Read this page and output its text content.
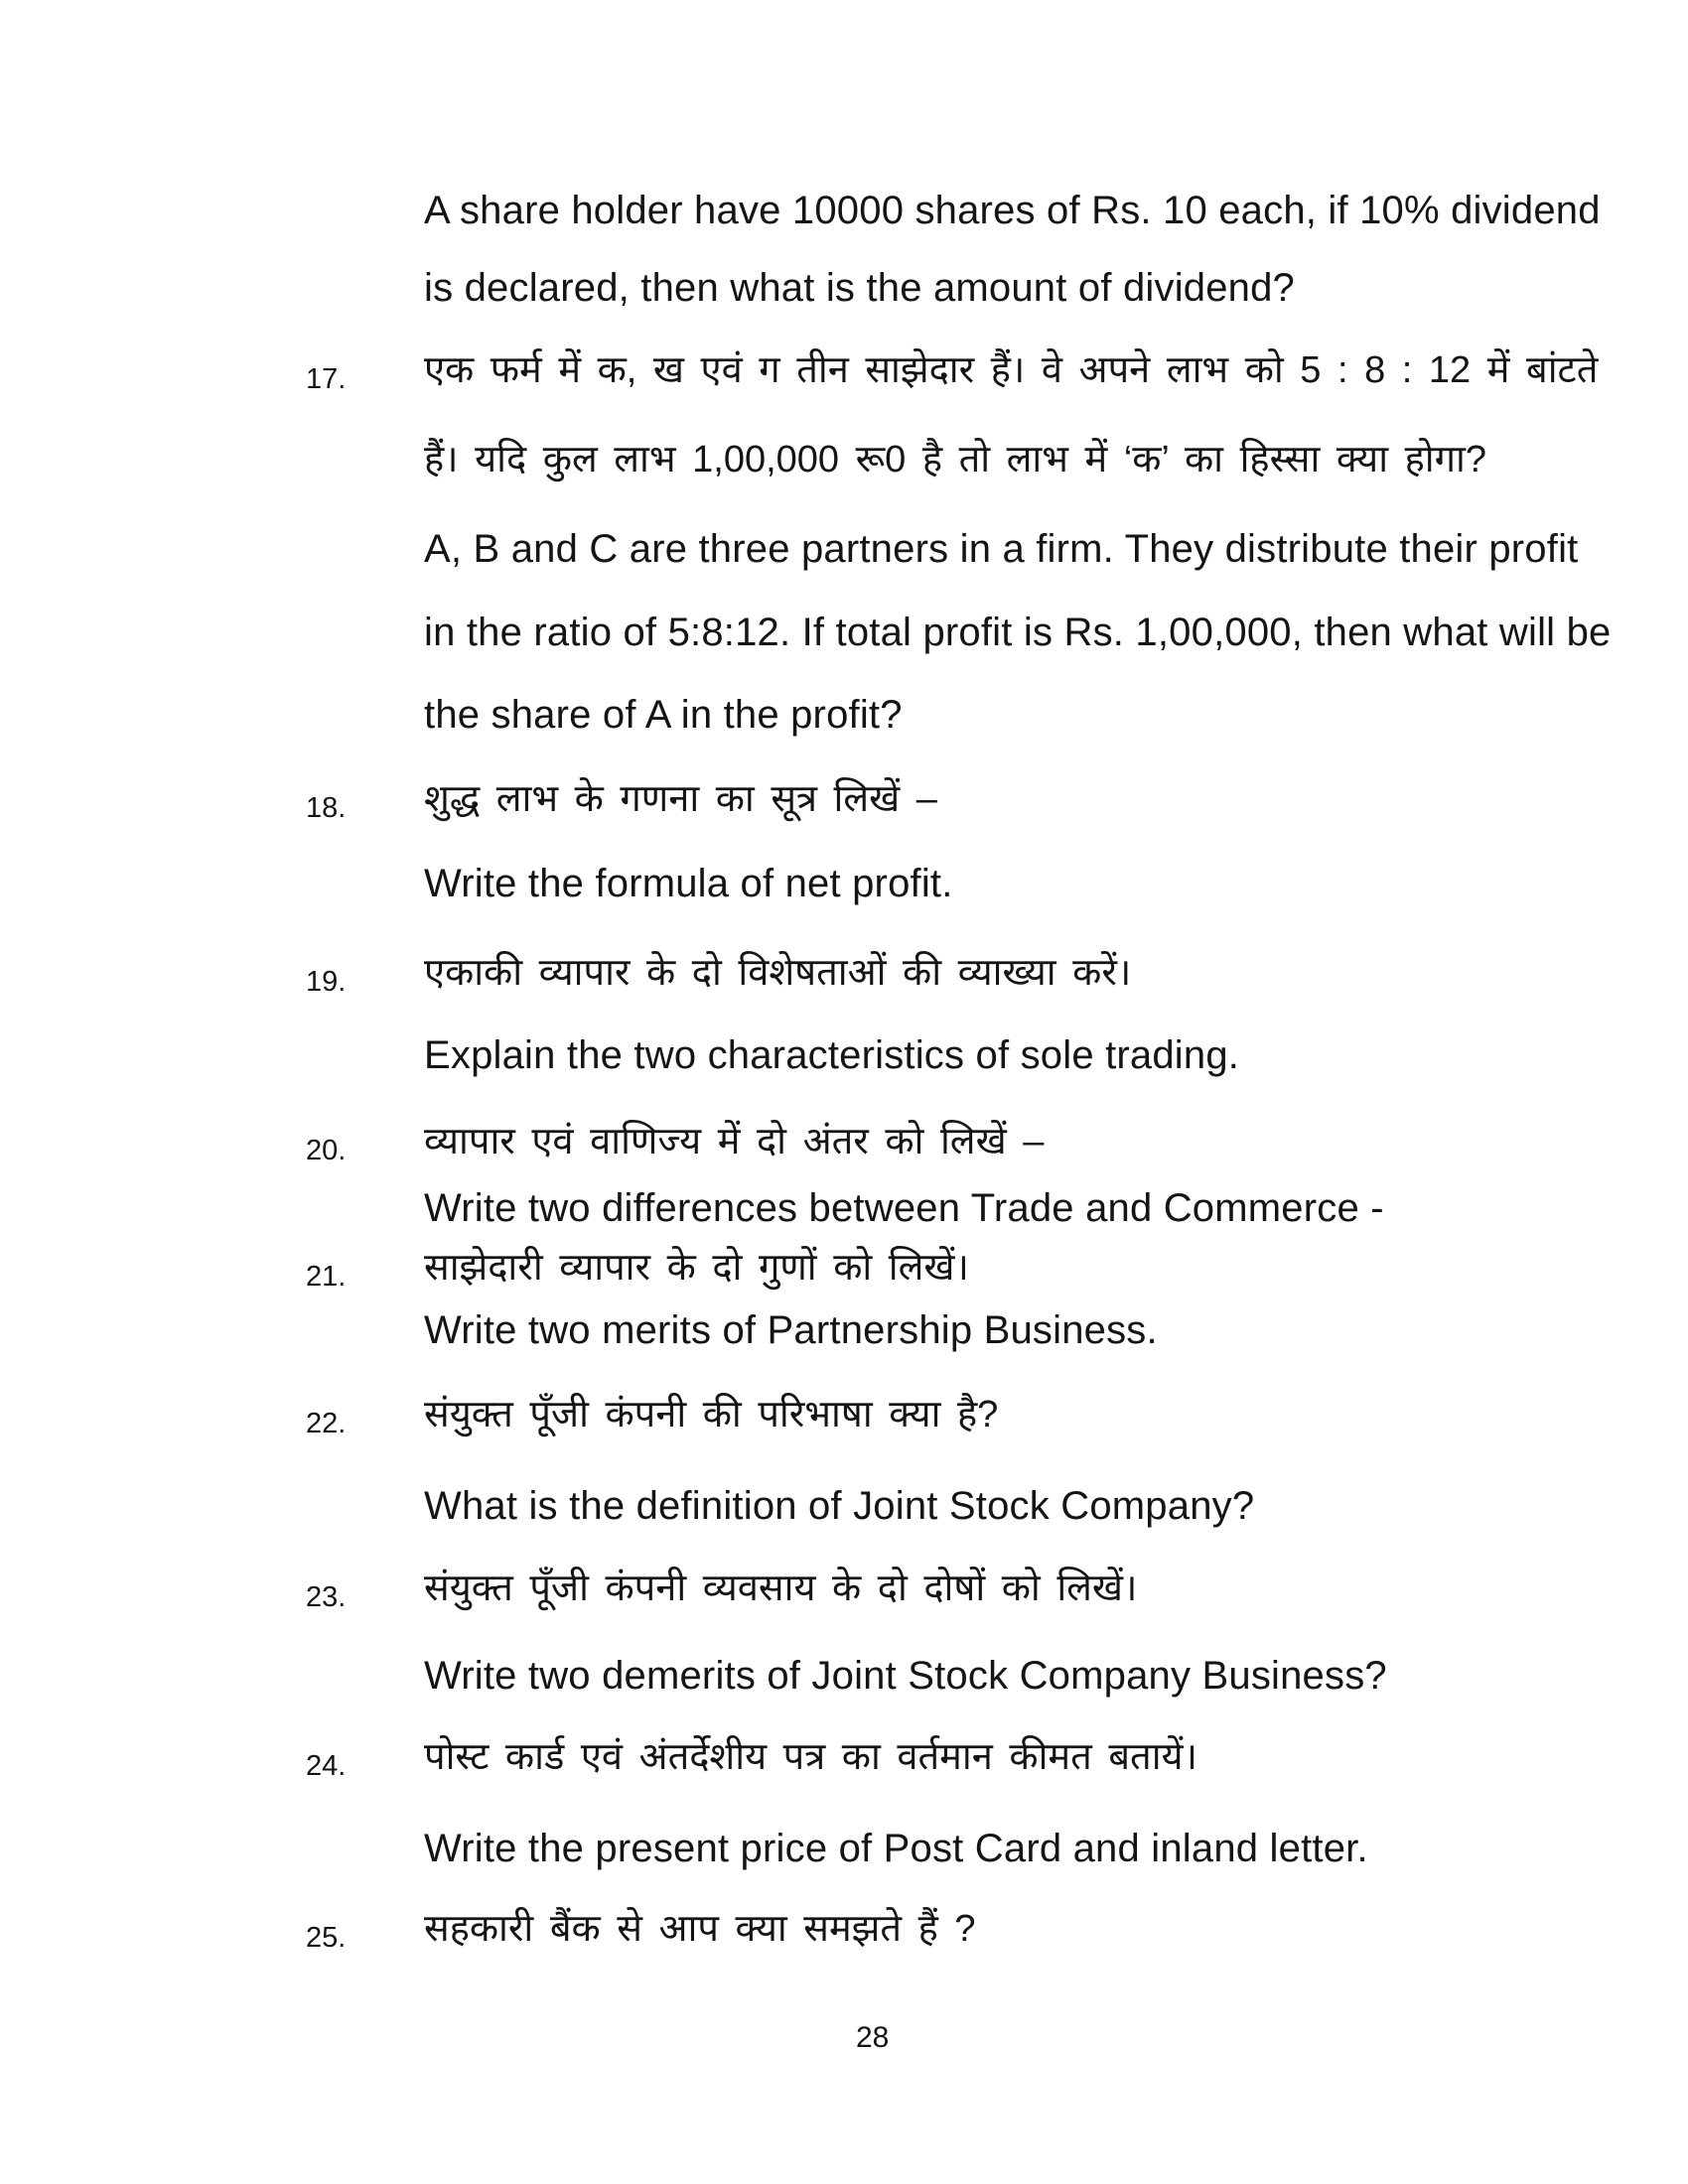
A share holder have 10000 shares of Rs. 10 each, if 10% dividend
is declared, then what is the amount of dividend?
17. एक फर्म में क, ख एवं ग तीन साझेदार हैं। वे अपने लाभ को 5 : 8 : 12 में बांटते
हैं। यदि कुल लाभ 1,00,000 रू0 है तो लाभ में ‘क’ का हिस्सा क्या होगा?
A, B and C are three partners in a firm. They distribute their profit
in the ratio of 5:8:12. If total profit is Rs. 1,00,000, then what will be
the share of A in the profit?
18. शुद्ध लाभ के गणना का सूत्र लिखें –
Write the formula of net profit.
19. एकाकी व्यापार के दो विशेषताओं की व्याख्या करें।
Explain the two characteristics of sole trading.
20. व्यापार एवं वाणिज्य में दो अंतर को लिखें –
Write two differences between Trade and Commerce -
21. साझेदारी व्यापार के दो गुणों को लिखें।
Write two merits of Partnership Business.
22. संयुक्त पूँजी कंपनी की परिभाषा क्या है?
What is the definition of Joint Stock Company?
23. संयुक्त पूँजी कंपनी व्यवसाय के दो दोषों को लिखें।
Write two demerits of Joint Stock Company Business?
24. पोस्ट कार्ड एवं अंतर्देशीय पत्र का वर्तमान कीमत बतायें।
Write the present price of Post Card and inland letter.
25. सहकारी बैंक से आप क्या समझते हैं ?
28
